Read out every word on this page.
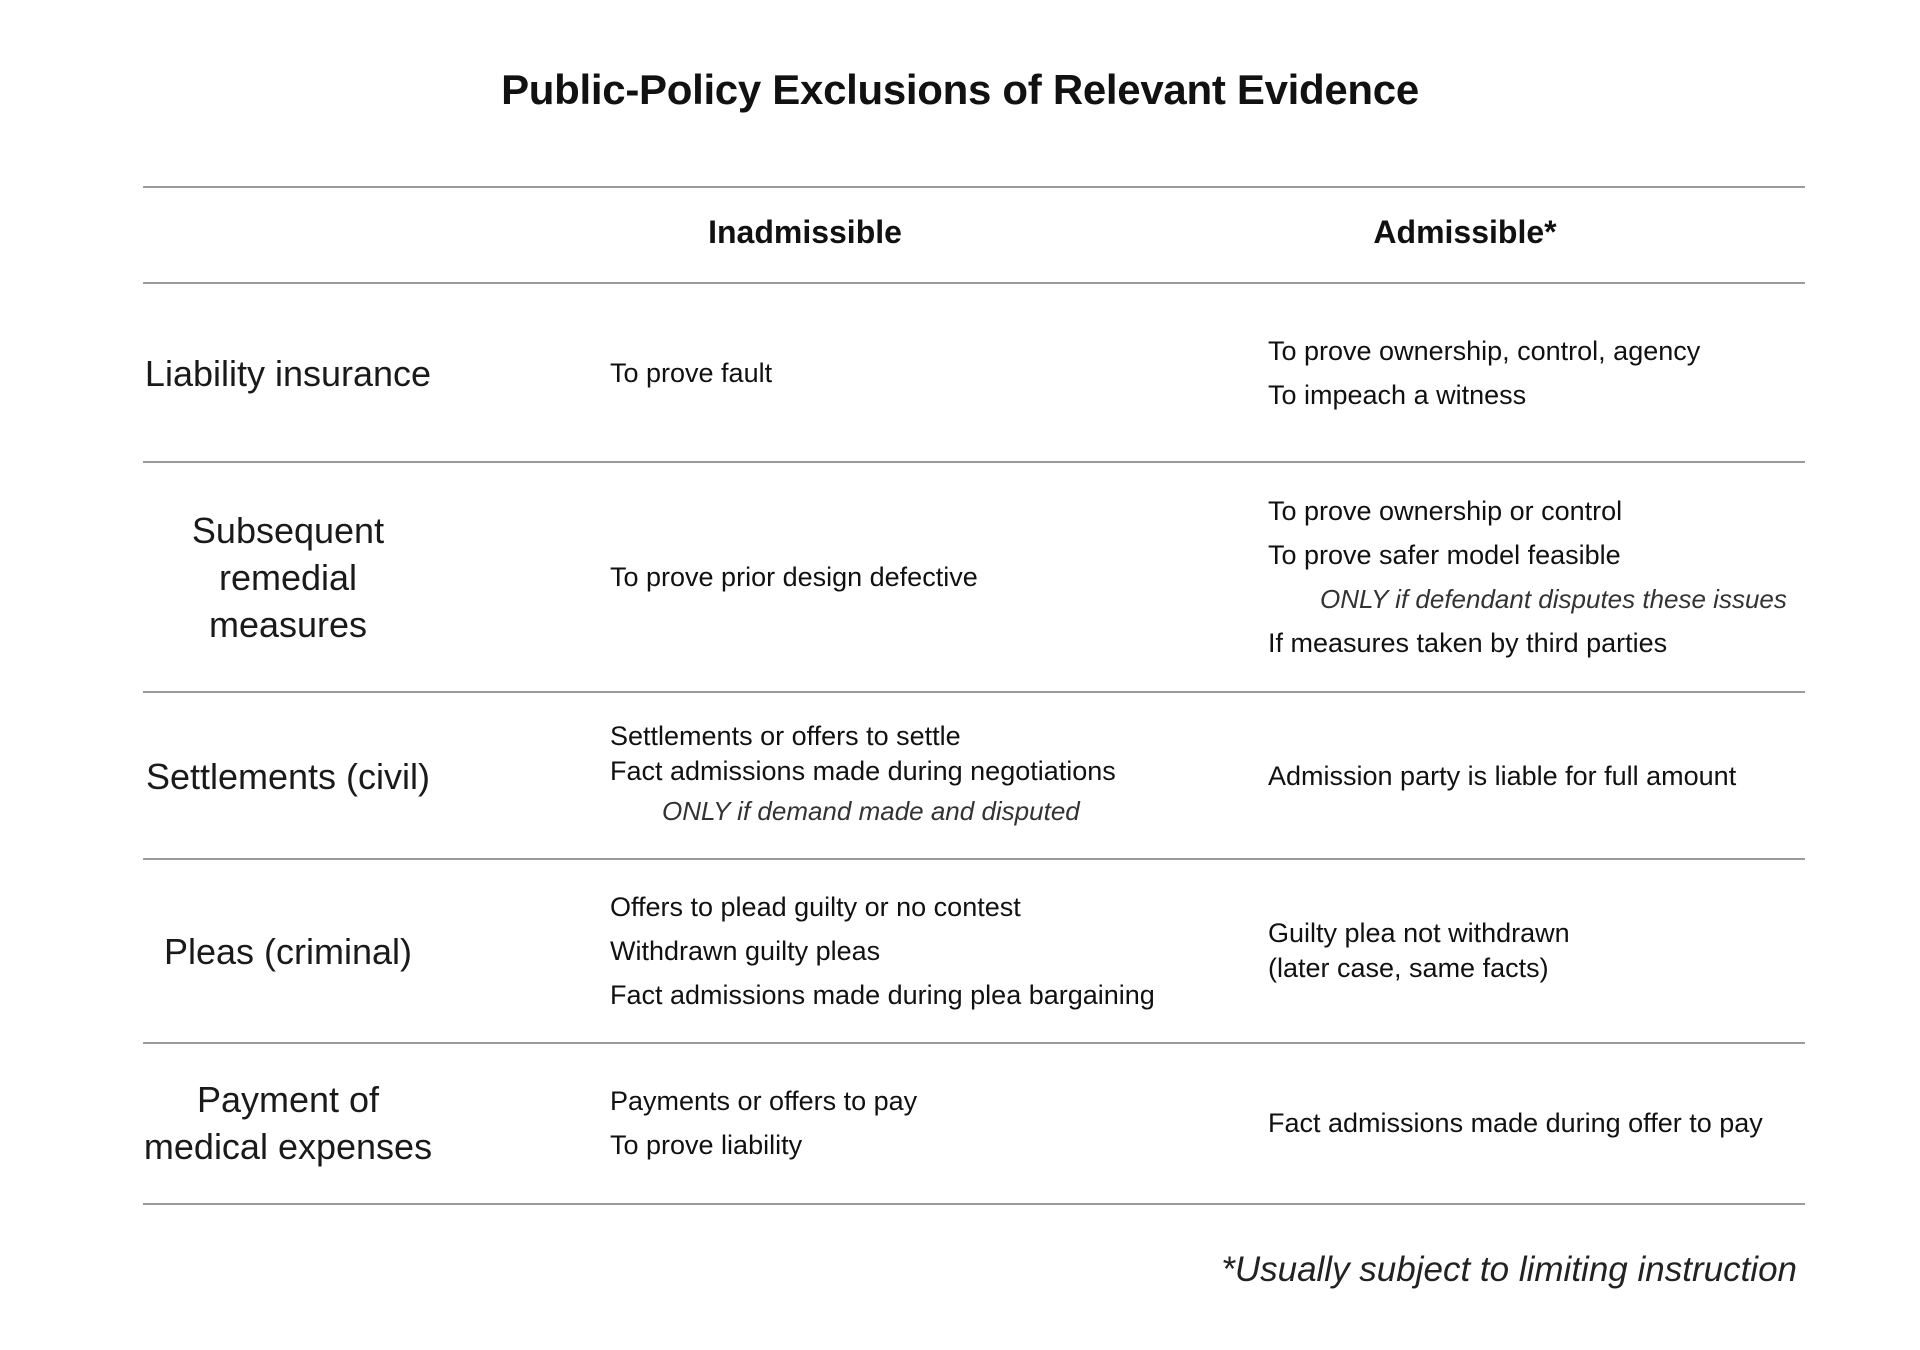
Public-Policy Exclusions of Relevant Evidence
Inadmissible	Admissible*
Liability insurance	To prove fault
To prove ownership, control, agency
To impeach a witness
Subsequent
remedial measures
To prove prior design defective
To prove ownership or control
To prove safer model feasible
ONLY if defendant disputes these issues
If measures taken by third parties
Settlements (civil)
Settlements or offers to settle
Fact admissions made during negotiations
ONLY if demand made and disputed
Admission party is liable for full amount
Pleas (criminal)
Offers to plead guilty or no contest
Withdrawn guilty pleas
Fact admissions made during plea bargaining
Guilty plea not withdrawn
(later case, same facts)
Payment of
medical expenses
Payments or offers to pay
To prove liability
Fact admissions made during offer to pay
*Usually subject to limiting instruction
